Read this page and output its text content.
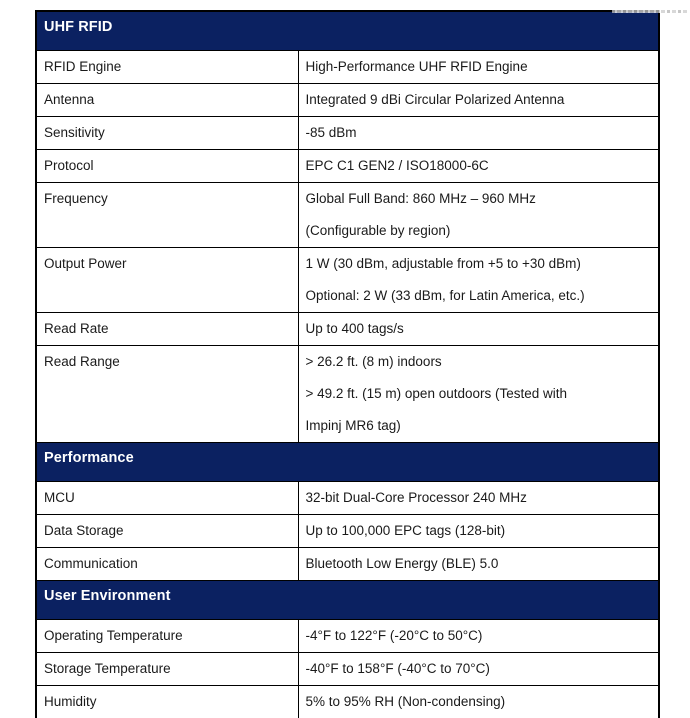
UHF RFID	

RFID Engine	High-Performance UHF RFID Engine

Antenna	Integrated 9 dBi Circular Polarized Antenna

Sensitivity	-85 dBm

Protocol	EPC C1 GEN2 / ISO18000-6C

Frequency	Global Full Band: 860 MHz – 960 MHz
(Configurable by region)

Output Power	1 W (30 dBm, adjustable from +5 to +30 dBm)
Optional: 2 W (33 dBm, for Latin America, etc.)

Read Rate	Up to 400 tags/s

Read Range	> 26.2 ft. (8 m) indoors
> 49.2 ft. (15 m) open outdoors (Tested with
Impinj MR6 tag)

Performance	

MCU	32-bit Dual-Core Processor 240 MHz

Data Storage	Up to 100,000 EPC tags (128-bit)

Communication	Bluetooth Low Energy (BLE) 5.0

User Environment	

Operating Temperature	-4°F to 122°F (-20°C to 50°C)

Storage Temperature	-40°F to 158°F (-40°C to 70°C)

Humidity	5% to 95% RH (Non-condensing)
